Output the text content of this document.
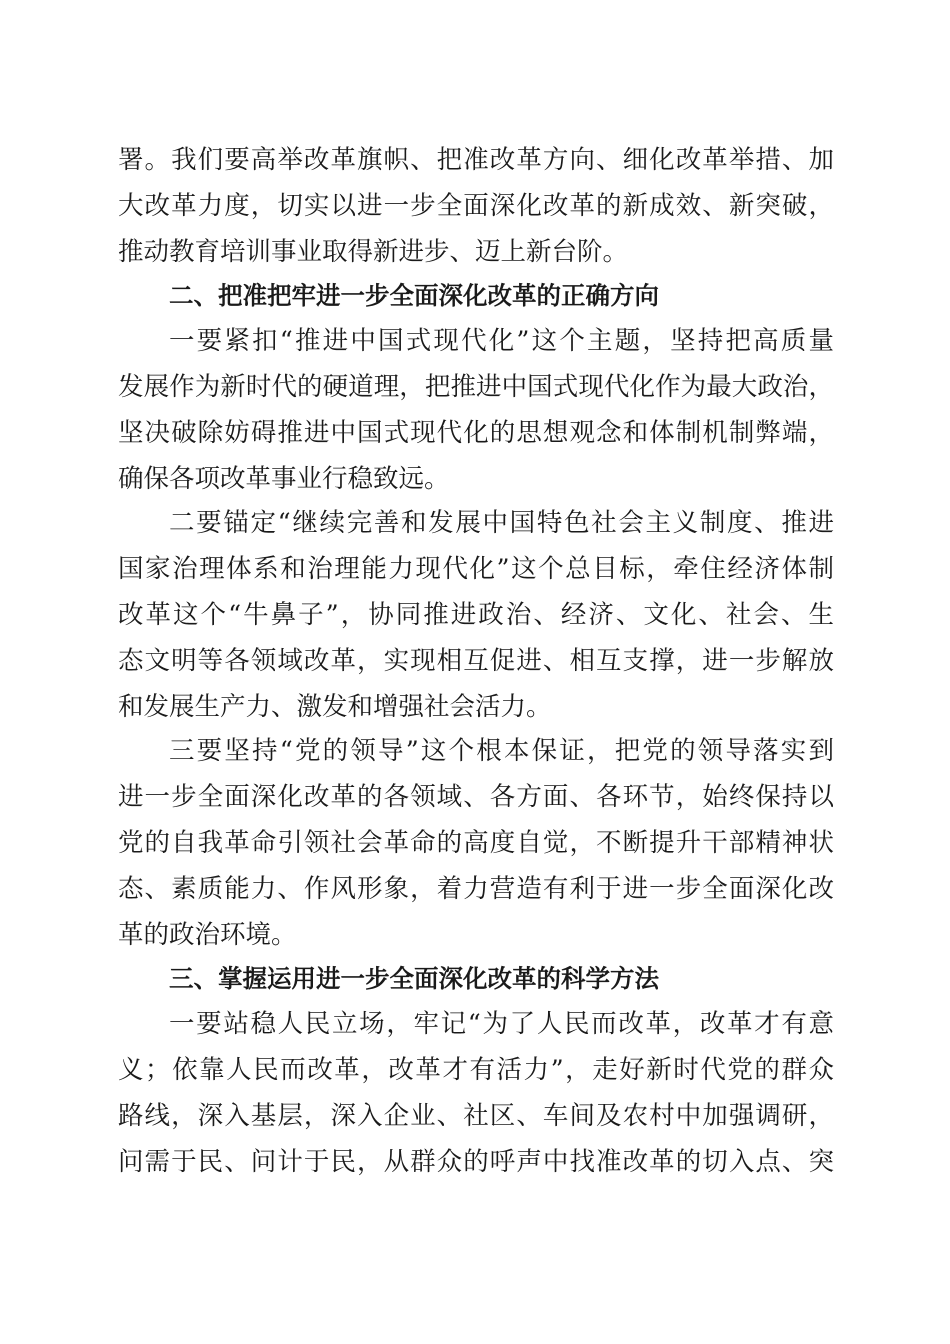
署。我们要高举改革旗帜、把准改革方向、细化改革举措、加
大改革力度，切实以进一步全面深化改革的新成效、新突破，
推动教育培训事业取得新进步、迈上新台阶。
二、把准把牢进一步全面深化改革的正确方向
一要紧扣“推进中国式现代化”这个主题，坚持把高质量
发展作为新时代的硬道理，把推进中国式现代化作为最大政治，
坚决破除妨碍推进中国式现代化的思想观念和体制机制弊端，
确保各项改革事业行稳致远。
二要锚定“继续完善和发展中国特色社会主义制度、推进
国家治理体系和治理能力现代化”这个总目标，牵住经济体制
改革这个“牛鼻子”，协同推进政治、经济、文化、社会、生
态文明等各领域改革，实现相互促进、相互支撑，进一步解放
和发展生产力、激发和增强社会活力。
三要坚持“党的领导”这个根本保证，把党的领导落实到
进一步全面深化改革的各领域、各方面、各环节，始终保持以
党的自我革命引领社会革命的高度自觉，不断提升干部精神状
态、素质能力、作风形象，着力营造有利于进一步全面深化改
革的政治环境。
三、掌握运用进一步全面深化改革的科学方法
一要站稳人民立场，牢记“为了人民而改革，改革才有意
义；依靠人民而改革，改革才有活力”，走好新时代党的群众
路线，深入基层，深入企业、社区、车间及农村中加强调研，
问需于民、问计于民，从群众的呼声中找准改革的切入点、突
